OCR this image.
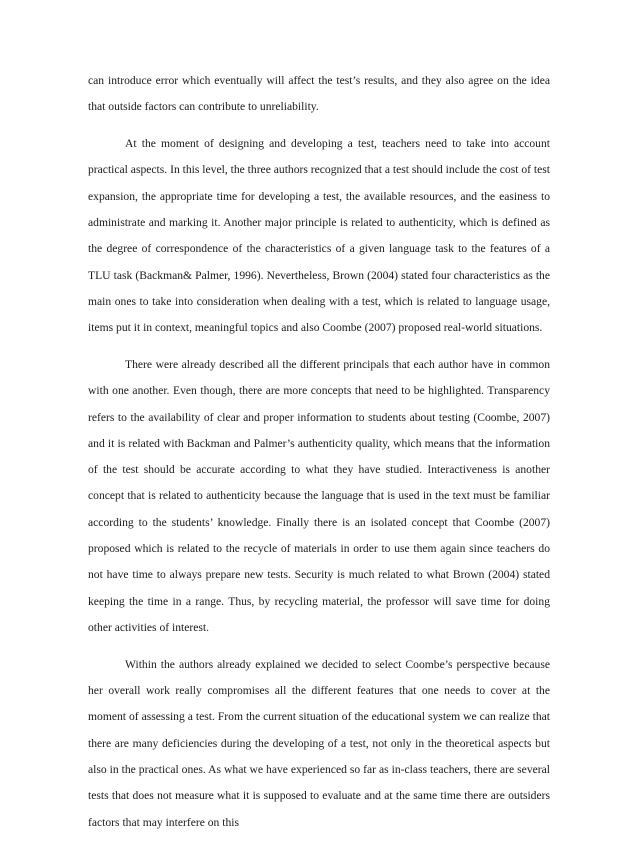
can introduce error which eventually will affect the test’s results, and they also agree on the idea that outside factors can contribute to unreliability.

At the moment of designing and developing a test, teachers need to take into account practical aspects. In this level, the three authors recognized that a test should include the cost of test expansion, the appropriate time for developing a test, the available resources, and the easiness to administrate and marking it. Another major principle is related to authenticity, which is defined as the degree of correspondence of the characteristics of a given language task to the features of a TLU task (Backman& Palmer, 1996). Nevertheless, Brown (2004) stated four characteristics as the main ones to take into consideration when dealing with a test, which is related to language usage, items put it in context, meaningful topics and also Coombe (2007) proposed real-world situations.

There were already described all the different principals that each author have in common with one another. Even though, there are more concepts that need to be highlighted. Transparency refers to the availability of clear and proper information to students about testing (Coombe, 2007) and it is related with Backman and Palmer’s authenticity quality, which means that the information of the test should be accurate according to what they have studied. Interactiveness is another concept that is related to authenticity because the language that is used in the text must be familiar according to the students’ knowledge. Finally there is an isolated concept that Coombe (2007) proposed which is related to the recycle of materials in order to use them again since teachers do not have time to always prepare new tests. Security is much related to what Brown (2004) stated keeping the time in a range. Thus, by recycling material, the professor will save time for doing other activities of interest.

Within the authors already explained we decided to select Coombe’s perspective because her overall work really compromises all the different features that one needs to cover at the moment of assessing a test. From the current situation of the educational system we can realize that there are many deficiencies during the developing of a test, not only in the theoretical aspects but also in the practical ones. As what we have experienced so far as in-class teachers, there are several tests that does not measure what it is supposed to evaluate and at the same time there are outsiders factors that may interfere on this
